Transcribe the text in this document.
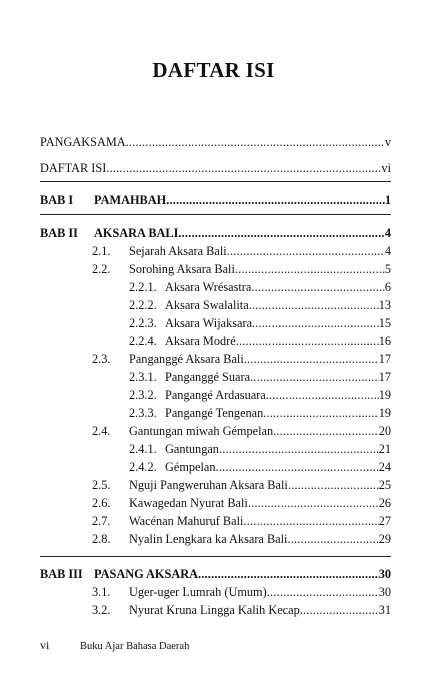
DAFTAR ISI
PANGAKSAMA .....	v
DAFTAR ISI .....	vi
BAB I PAMAHBAH .....	1
BAB II AKSARA BALI .....	4
2.1. Sejarah Aksara Bali .....	4
2.2. Sorohing Aksara Bali .....	5
2.2.1. Aksara Wrésastra .....	6
2.2.2. Aksara Swalalita .....	13
2.2.3. Aksara Wijaksara .....	15
2.2.4. Aksara Modré .....	16
2.3. Panganggé Aksara Bali .....	17
2.3.1. Panganggé Suara .....	17
2.3.2. Pangangé Ardasuara .....	19
2.3.3. Pangangé Tengenan .....	19
2.4. Gantungan miwah Gémpelan .....	20
2.4.1. Gantungan .....	21
2.4.2. Gémpelan .....	24
2.5. Nguji Pangweruhan Aksara Bali .....	25
2.6. Kawagedan Nyurat Bali .....	26
2.7. Wacénan Mahuruf Bali .....	27
2.8. Nyalin Lengkara ka Aksara Bali .....	29
BAB III PASANG AKSARA .....	30
3.1. Uger-uger Lumrah (Umum) .....	30
3.2. Nyurat Kruna Lingga Kalih Kecap .....	31
vi	Buku Ajar Bahasa Daerah
